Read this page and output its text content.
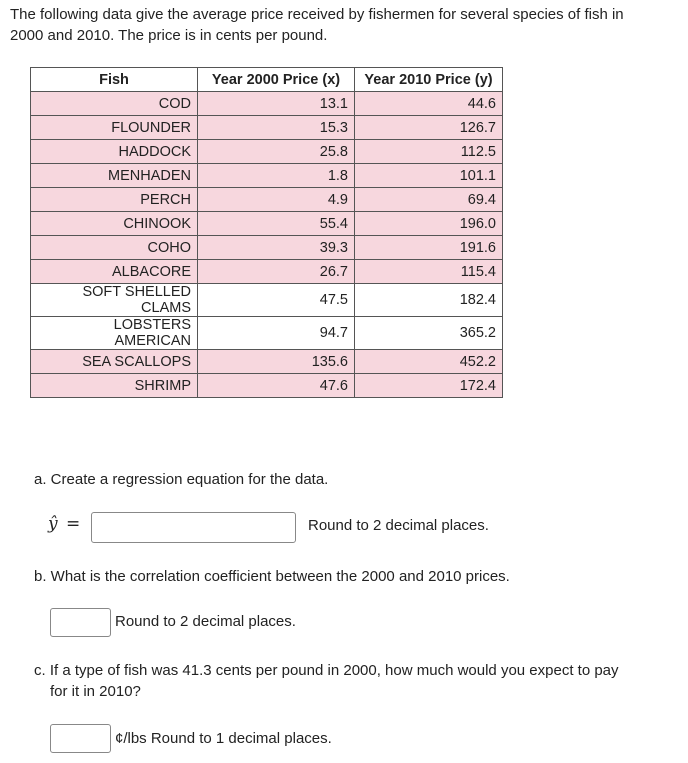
The following data give the average price received by fishermen for several species of fish in
2000 and 2010. The price is in cents per pound.
Fish	Year 2000 Price (x)	Year 2010 Price (y)
COD	13.1	44.6
FLOUNDER	15.3	126.7
HADDOCK	25.8	112.5
MENHADEN	1.8	101.1
PERCH	4.9	69.4
CHINOOK	55.4	196.0
COHO	39.3	191.6
ALBACORE	26.7	115.4
SOFT SHELLED CLAMS	47.5	182.4
LOBSTERS AMERICAN	94.7	365.2
SEA SCALLOPS	135.6	452.2
SHRIMP	47.6	172.4
a. Create a regression equation for the data.
ŷ =	Round to 2 decimal places.
b. What is the correlation coefficient between the 2000 and 2010 prices.
Round to 2 decimal places.
c. If a type of fish was 41.3 cents per pound in 2000, how much would you expect to pay
for it in 2010?
¢/lbs Round to 1 decimal places.
